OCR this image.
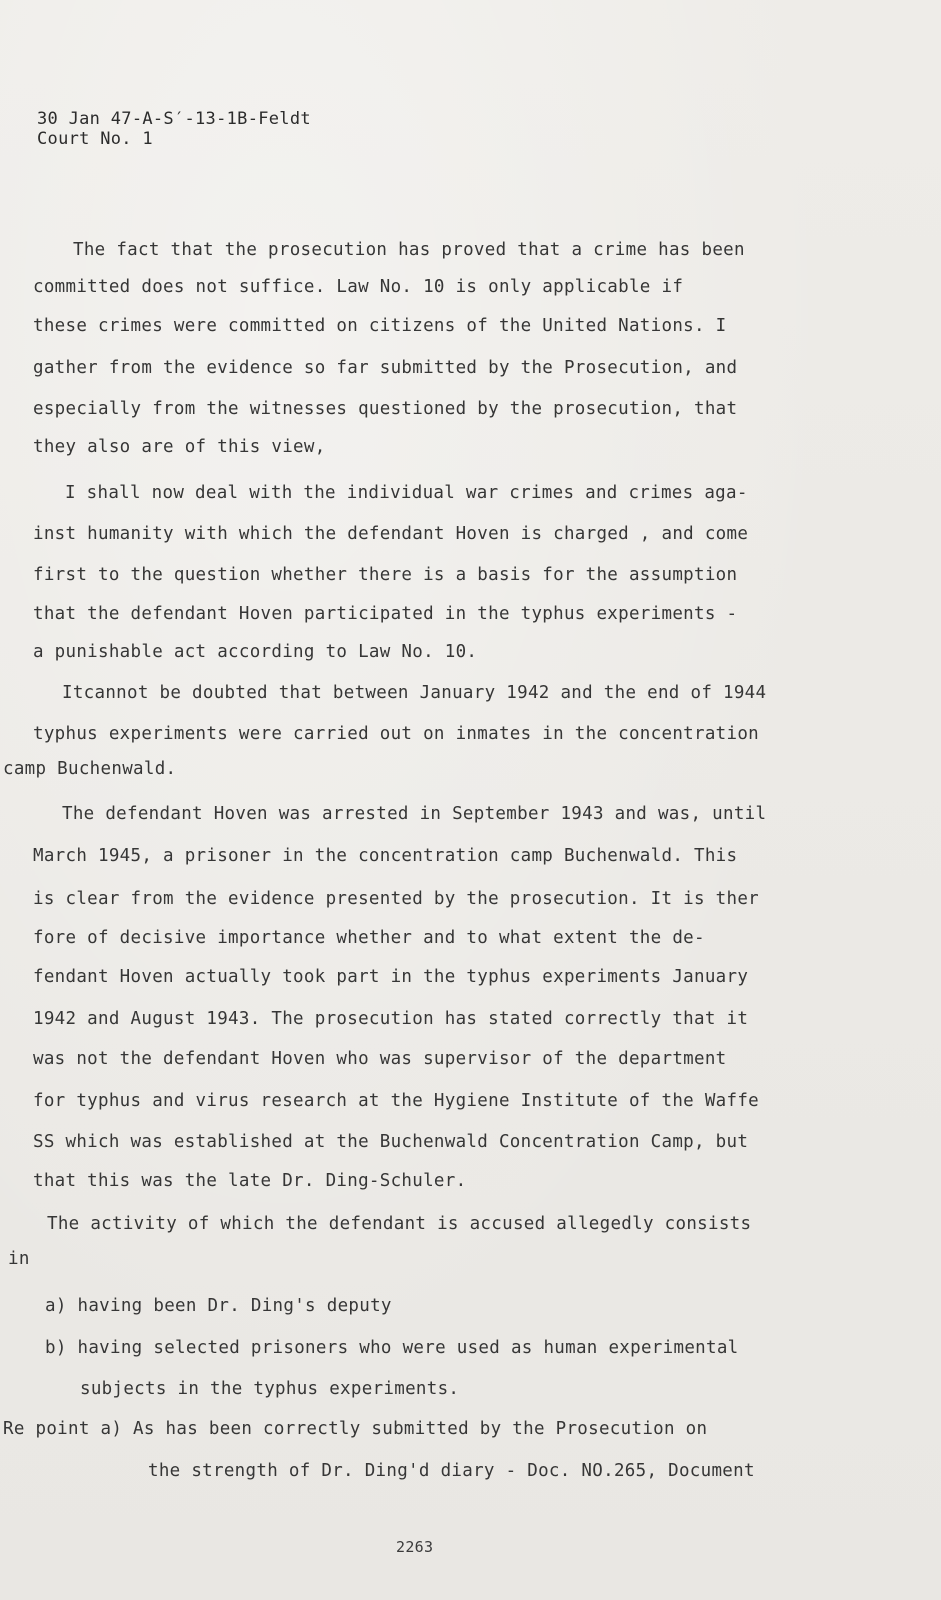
30 Jan 47-A-S′-13-1B-Feldt
Court No. 1
The fact that the prosecution has proved that a crime has been
committed does not suffice. Law No. 10 is only applicable if
these crimes were committed on citizens of the United Nations. I
gather from the evidence so far submitted by the Prosecution, and
especially from the witnesses questioned by the prosecution, that
they also are of this view,
I shall now deal with the individual war crimes and crimes aga-
inst humanity with which the defendant Hoven is charged , and come
first to the question whether there is a basis for the assumption
that the defendant Hoven participated in the typhus experiments -
a punishable act according to Law No. 10.
Itcannot be doubted that between January 1942 and the end of 1944
typhus experiments were carried out on inmates in the concentration
camp Buchenwald.
The defendant Hoven was arrested in September 1943 and was, until
March 1945, a prisoner in the concentration camp Buchenwald. This
is clear from the evidence presented by the prosecution. It is ther
fore of decisive importance whether and to what extent the de-
fendant Hoven actually took part in the typhus experiments January
1942 and August 1943. The prosecution has stated correctly that it
was not the defendant Hoven who was supervisor of the department
for typhus and virus research at the Hygiene Institute of the Waffe
SS which was established at the Buchenwald Concentration Camp, but
that this was the late Dr. Ding-Schuler.
The activity of which the defendant is accused allegedly consists
in
a) having been Dr. Ding's deputy
b) having selected prisoners who were used as human experimental
subjects in the typhus experiments.
Re point a) As has been correctly submitted by the Prosecution on
the strength of Dr. Ding'd diary - Doc. NO.265, Document
2263
